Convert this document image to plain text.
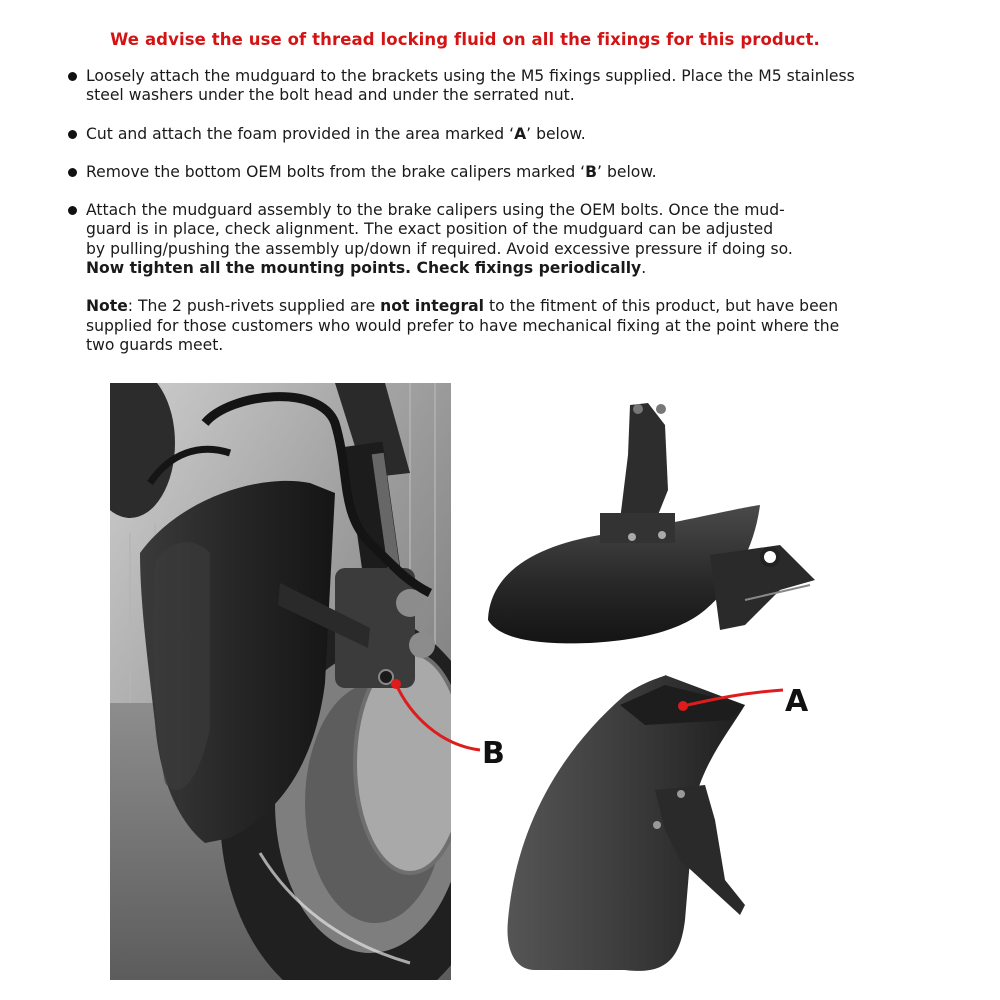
We advise the use of thread locking fluid on all the fixings for this product.
Loosely attach the mudguard to the brackets using the M5 fixings supplied. Place the M5 stainless steel washers under the bolt head and under the serrated nut.
Cut and attach the foam provided in the area marked ‘A’ below.
Remove the bottom OEM bolts from the brake calipers marked ‘B’ below.
Attach the mudguard assembly to the brake calipers using the OEM bolts. Once the mud-
guard is in place, check alignment. The exact position of the mudguard can be adjusted
by pulling/pushing the assembly up/down if required. Avoid excessive pressure if doing so.
Now tighten all the mounting points. Check fixings periodically.
Note: The 2 push-rivets supplied are not integral to the fitment of this product, but have been supplied for those customers who would prefer to have mechanical fixing at the point where the two guards meet.
A
B
